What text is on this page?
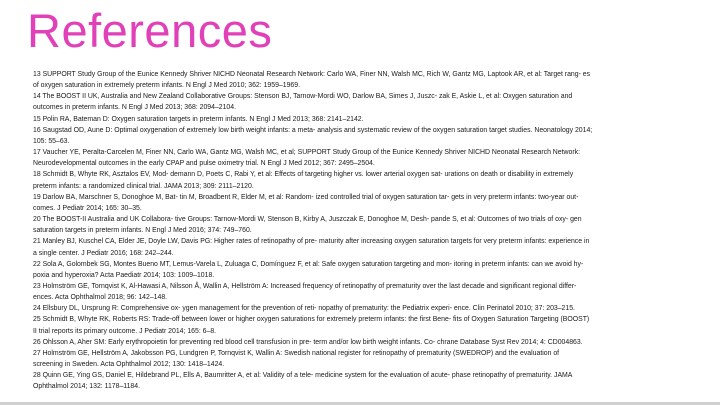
References
13 SUPPORT Study Group of the Eunice Kennedy Shriver NICHD Neonatal Research Network: Carlo WA, Finer NN, Walsh MC, Rich W, Gantz MG, Laptook AR, et al: Target rang- es
of oxygen saturation in extremely preterm infants. N Engl J Med 2010; 362: 1959–1969.
14 The BOOST II UK, Australia and New Zealand Collaborative Groups: Stenson BJ, Tarnow-Mordi WO, Darlow BA, Simes J, Juszc- zak E, Askie L, et al: Oxygen saturation and
outcomes in preterm infants. N Engl J Med 2013; 368: 2094–2104.
15 Polin RA, Bateman D: Oxygen saturation targets in preterm infants. N Engl J Med 2013; 368: 2141–2142.
16 Saugstad OD, Aune D: Optimal oxygenation of extremely low birth weight infants: a meta- analysis and systematic review of the oxygen saturation target studies. Neonatology 2014;
105: 55–63.
17 Vaucher YE, Peralta-Carcelen M, Finer NN, Carlo WA, Gantz MG, Walsh MC, et al; SUPPORT Study Group of the Eunice Kennedy Shriver NICHD Neonatal Research Network:
Neurodevelopmental outcomes in the early CPAP and pulse oximetry trial. N Engl J Med 2012; 367: 2495–2504.
18 Schmidt B, Whyte RK, Asztalos EV, Mod- demann D, Poets C, Rabi Y, et al: Effects of targeting higher vs. lower arterial oxygen sat- urations on death or disability in extremely
preterm infants: a randomized clinical trial. JAMA 2013; 309: 2111–2120.
19 Darlow BA, Marschner S, Donoghoe M, Bat- tin M, Broadbent R, Elder M, et al: Random- ized controlled trial of oxygen saturation tar- gets in very preterm infants: two-year out-
comes. J Pediatr 2014; 165: 30–35.
20 The BOOST-II Australia and UK Collabora- tive Groups: Tarnow-Mordi W, Stenson B, Kirby A, Juszczak E, Donoghoe M, Desh- pande S, et al: Outcomes of two trials of oxy- gen
saturation targets in preterm infants. N Engl J Med 2016; 374: 749–760.
21 Manley BJ, Kuschel CA, Elder JE, Doyle LW, Davis PG: Higher rates of retinopathy of pre- maturity after increasing oxygen saturation targets for very preterm infants: experience in
a single center. J Pediatr 2016; 168: 242–244.
22 Sola A, Golombek SG, Montes Bueno MT, Lemus-Varela L, Zuluaga C, Domínguez F, et al: Safe oxygen saturation targeting and mon- itoring in preterm infants: can we avoid hy-
poxia and hyperoxia? Acta Paediatr 2014; 103: 1009–1018.
23 Holmström GE, Tornqvist K, Al-Hawasi A, Nilsson Å, Wallin A, Hellström A: Increased frequency of retinopathy of prematurity over the last decade and significant regional differ-
ences. Acta Ophthalmol 2018; 96: 142–148.
24 Ellsbury DL, Ursprung R: Comprehensive ox- ygen management for the prevention of reti- nopathy of prematurity: the Pediatrix experi- ence. Clin Perinatol 2010; 37: 203–215.
25 Schmidt B, Whyte RK, Roberts RS: Trade-off between lower or higher oxygen saturations for extremely preterm infants: the first Bene- fits of Oxygen Saturation Targeting (BOOST)
II trial reports its primary outcome. J Pediatr 2014; 165: 6–8.
26 Ohlsson A, Aher SM: Early erythropoietin for preventing red blood cell transfusion in pre- term and/or low birth weight infants. Co- chrane Database Syst Rev 2014; 4: CD004863.
27 Holmström GE, Hellström A, Jakobsson PG, Lundgren P, Tornqvist K, Wallin A: Swedish national register for retinopathy of prematurity (SWEDROP) and the evaluation of
screening in Sweden. Acta Ophthalmol 2012; 130: 1418–1424.
28 Quinn GE, Ying GS, Daniel E, Hildebrand PL, Ells A, Baumritter A, et al: Validity of a tele- medicine system for the evaluation of acute- phase retinopathy of prematurity. JAMA
Ophthalmol 2014; 132: 1178–1184.
